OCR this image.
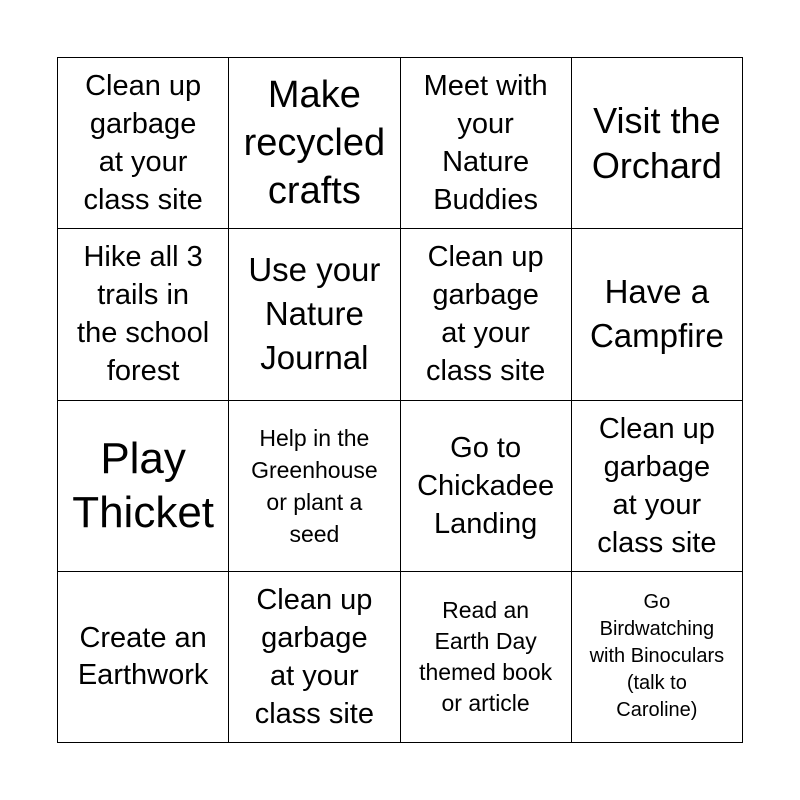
Clean up
garbage
at your
class site
Make
recycled
crafts
Meet with
your
Nature
Buddies
Visit the
Orchard
Hike all 3
trails in
the school
forest
Use your
Nature
Journal
Clean up
garbage
at your
class site
Have a
Campfire
Play
Thicket
Help in the
Greenhouse
or plant a
seed
Go to
Chickadee
Landing
Clean up
garbage
at your
class site
Create an
Earthwork
Clean up
garbage
at your
class site
Read an
Earth Day
themed book
or article
Go
Birdwatching
with Binoculars
(talk to
Caroline)
